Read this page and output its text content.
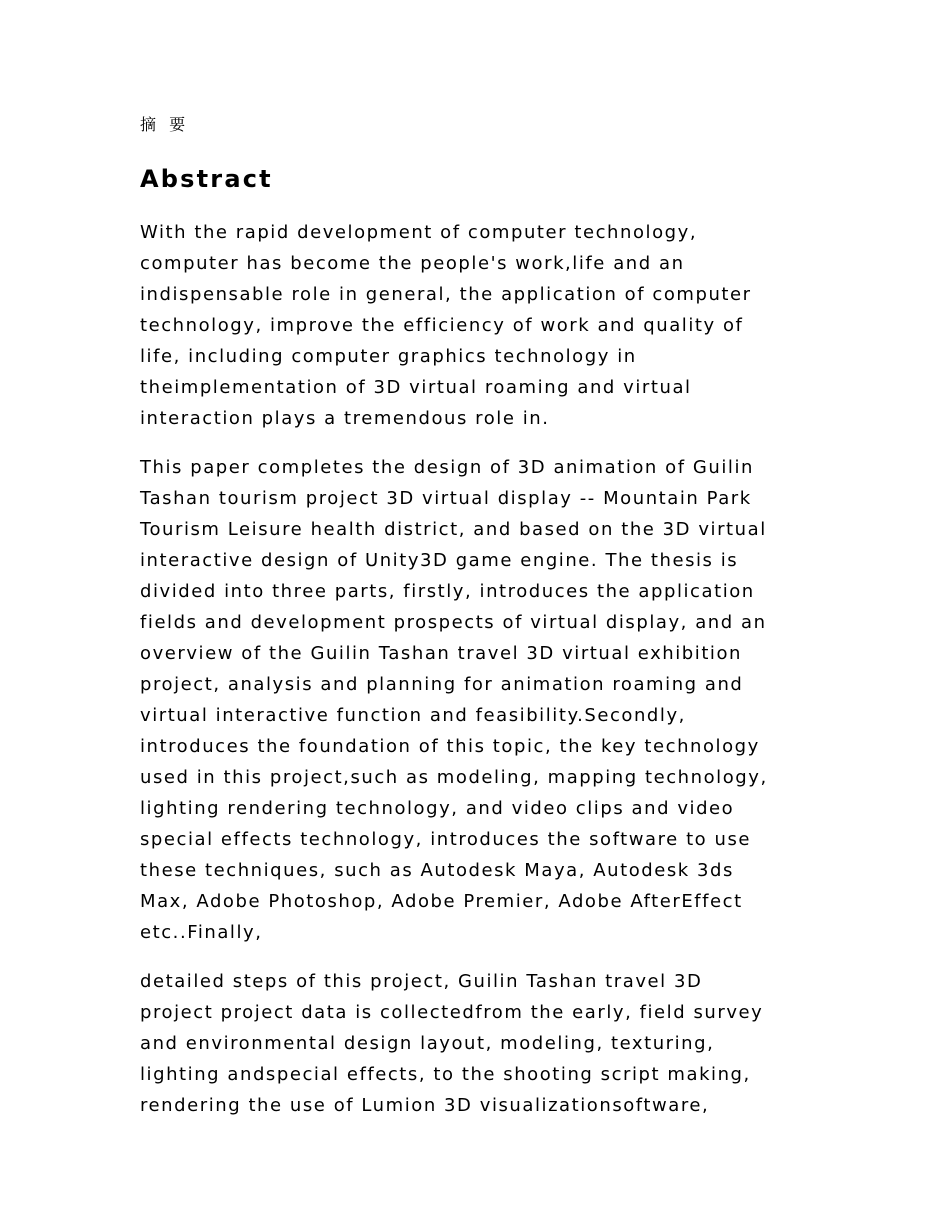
摘 要
Abstract

With the rapid development of computer technology,
computer has become the people's work,life and an
indispensable role in general, the application of computer
technology, improve the efficiency of work and quality of
life, including computer graphics technology in
theimplementation of 3D virtual roaming and virtual
interaction plays a tremendous role in.

This paper completes the design of 3D animation of Guilin
Tashan tourism project 3D virtual display -- Mountain Park
Tourism Leisure health district, and based on the 3D virtual
interactive design of Unity3D game engine. The thesis is
divided into three parts, firstly, introduces the application
fields and development prospects of virtual display, and an
overview of the Guilin Tashan travel 3D virtual exhibition
project, analysis and planning for animation roaming and
virtual interactive function and feasibility.Secondly,
introduces the foundation of this topic, the key technology
used in this project,such as modeling, mapping technology,
lighting rendering technology, and video clips and video
special effects technology, introduces the software to use
these techniques, such as Autodesk Maya, Autodesk 3ds
Max, Adobe Photoshop, Adobe Premier, Adobe AfterEffect
etc..Finally,

detailed steps of this project, Guilin Tashan travel 3D
project project data is collectedfrom the early, field survey
and environmental design layout, modeling, texturing,
lighting andspecial effects, to the shooting script making,
rendering the use of Lumion 3D visualizationsoftware,
